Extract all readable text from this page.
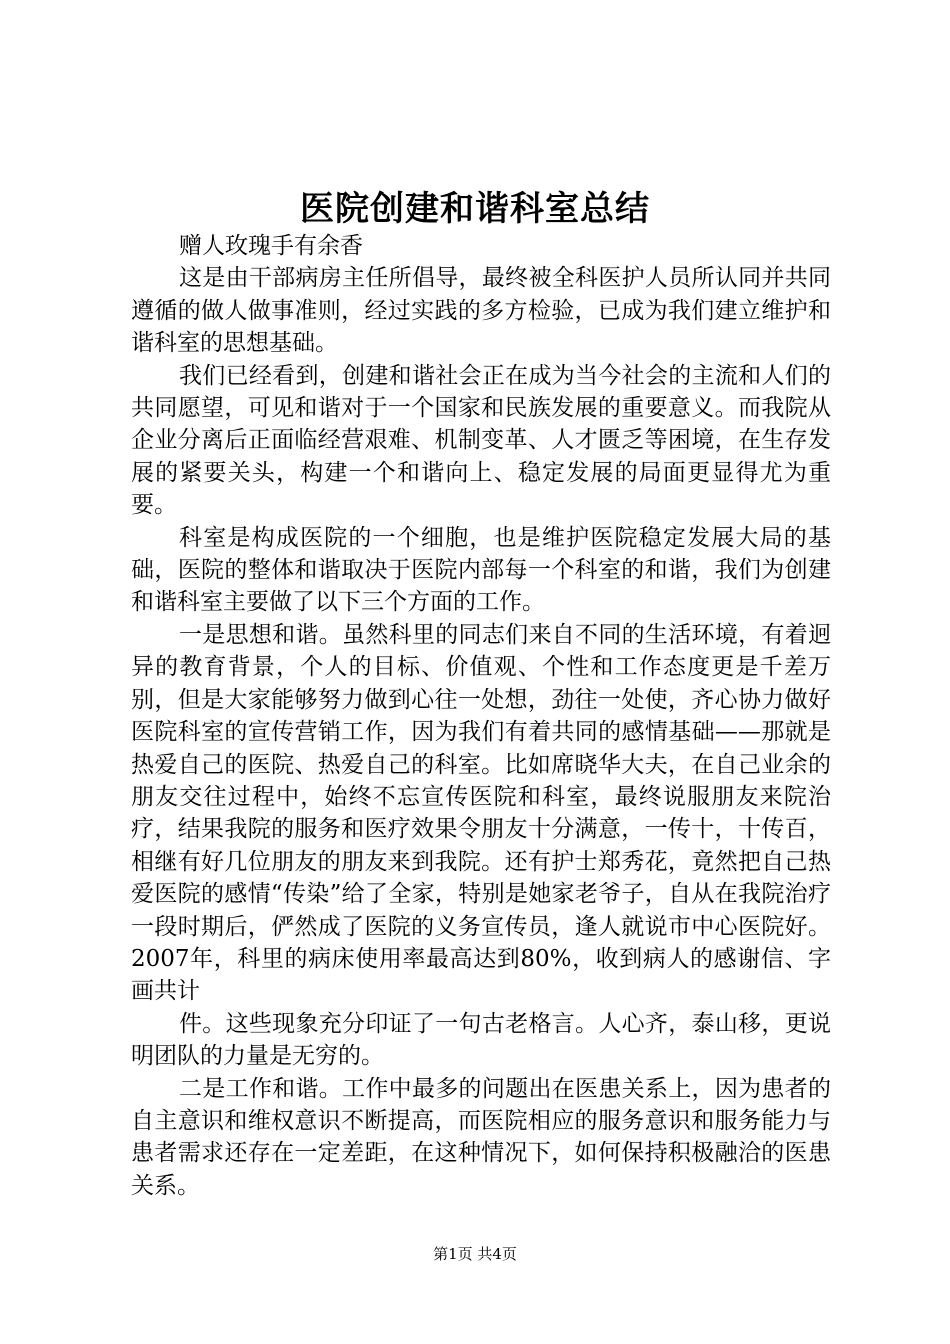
医院创建和谐科室总结

赠人玫瑰手有余香

这是由干部病房主任所倡导，最终被全科医护人员所认同并共同遵循的做人做事准则，经过实践的多方检验，已成为我们建立维护和谐科室的思想基础。

我们已经看到，创建和谐社会正在成为当今社会的主流和人们的共同愿望，可见和谐对于一个国家和民族发展的重要意义。而我院从企业分离后正面临经营艰难、机制变革、人才匮乏等困境，在生存发展的紧要关头，构建一个和谐向上、稳定发展的局面更显得尤为重要。

科室是构成医院的一个细胞，也是维护医院稳定发展大局的基础，医院的整体和谐取决于医院内部每一个科室的和谐，我们为创建和谐科室主要做了以下三个方面的工作。

一是思想和谐。虽然科里的同志们来自不同的生活环境，有着迥异的教育背景，个人的目标、价值观、个性和工作态度更是千差万别，但是大家能够努力做到心往一处想，劲往一处使，齐心协力做好医院科室的宣传营销工作，因为我们有着共同的感情基础——那就是热爱自己的医院、热爱自己的科室。比如席晓华大夫，在自己业余的朋友交往过程中，始终不忘宣传医院和科室，最终说服朋友来院治疗，结果我院的服务和医疗效果令朋友十分满意，一传十，十传百，相继有好几位朋友的朋友来到我院。还有护士郑秀花，竟然把自己热爱医院的感情“传染”给了全家，特别是她家老爷子，自从在我院治疗一段时期后，俨然成了医院的义务宣传员，逢人就说市中心医院好。2007年，科里的病床使用率最高达到80%，收到病人的感谢信、字画共计

件。这些现象充分印证了一句古老格言。人心齐，泰山移，更说明团队的力量是无穷的。

二是工作和谐。工作中最多的问题出在医患关系上，因为患者的自主意识和维权意识不断提高，而医院相应的服务意识和服务能力与患者需求还存在一定差距，在这种情况下，如何保持积极融洽的医患关系。

第1页 共4页
